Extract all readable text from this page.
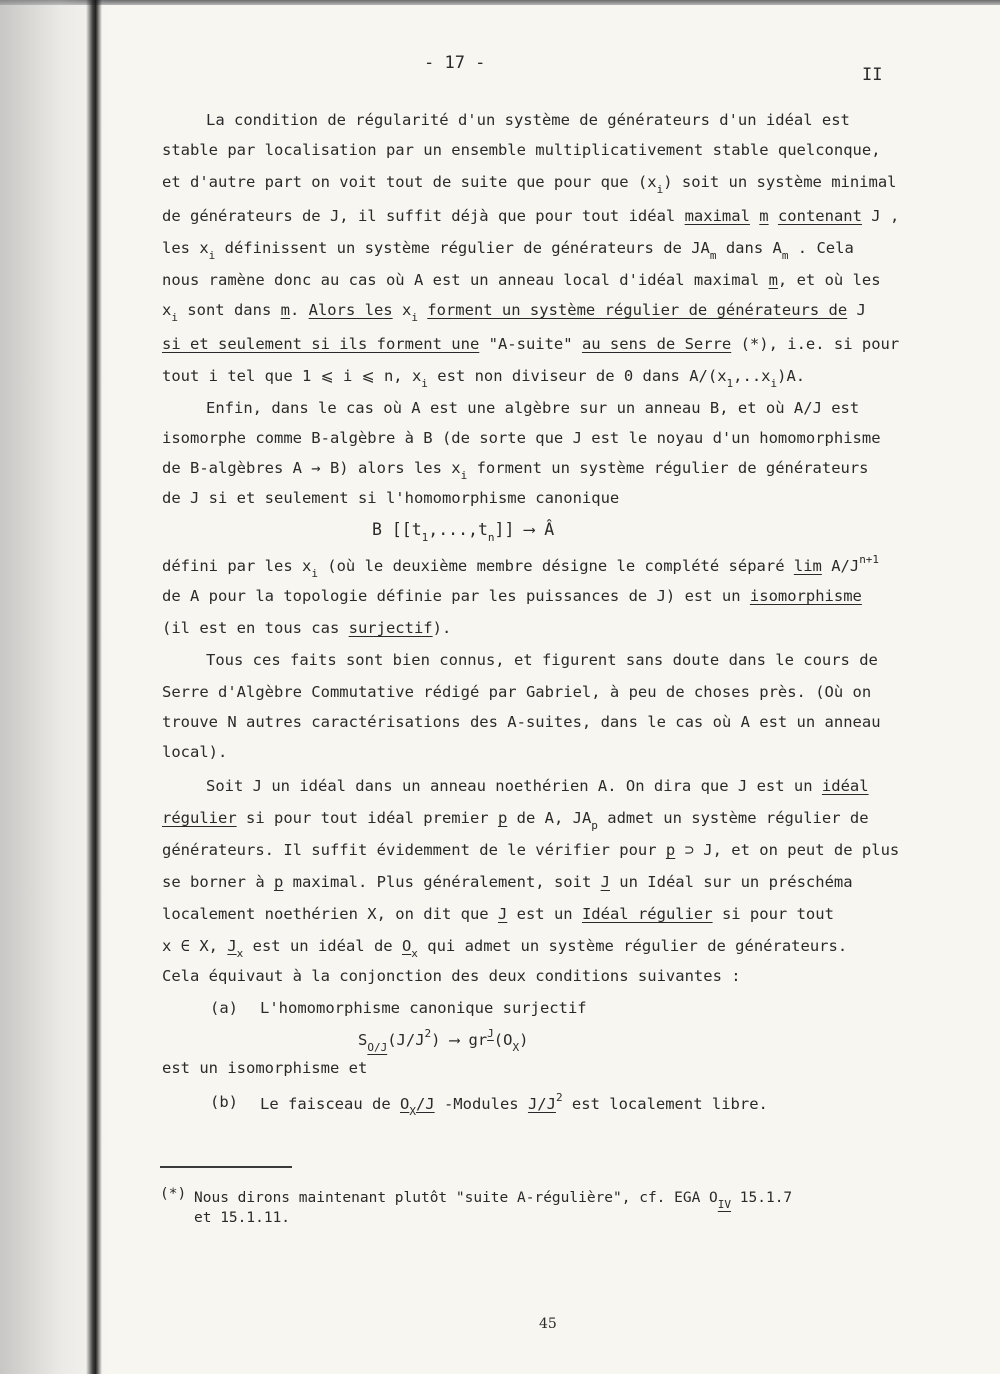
- 17 -
II
La condition de régularité d'un système de générateurs d'un idéal est
stable par localisation par un ensemble multiplicativement stable quelconque,
et d'autre part on voit tout de suite que pour que $(x_i)$ soit un système minimal
de générateurs de J, il suffit déjà que pour tout idéal maximal m contenant J ,
les $x_i$ définissent un système régulier de générateurs de $JA_m$ dans $A_m$ . Cela
nous ramène donc au cas où A est un anneau local d'idéal maximal m, et où les
$x_i$ sont dans m. Alors les $x_i$ forment un système régulier de générateurs de J
si et seulement si ils forment une "A-suite" au sens de Serre (*), i.e. si pour
tout i tel que 1 ⩽ i ⩽ n, $x_i$ est non diviseur de 0 dans $A/(x_1,..x_i)A$.
Enfin, dans le cas où A est une algèbre sur un anneau B, et où A/J est
isomorphe comme B-algèbre à B (de sorte que J est le noyau d'un homomorphisme
de B-algèbres A → B) alors les $x_i$ forment un système régulier de générateurs
de J si et seulement si l'homomorphisme canonique
B $[[t_1,...,t_n]]$ ⟶ Â
défini par les $x_i$ (où le deuxième membre désigne le complété séparé $\lim A/J^{n+1}$
de A pour la topologie définie par les puissances de J) est un isomorphisme
(il est en tous cas surjectif).
Tous ces faits sont bien connus, et figurent sans doute dans le cours de
Serre d'Algèbre Commutative rédigé par Gabriel, à peu de choses près. (Où on
trouve N autres caractérisations des A-suites, dans le cas où A est un anneau
local).
Soit J un idéal dans un anneau noethérien A. On dira que J est un idéal
régulier si pour tout idéal premier p de A, $JA_p$ admet un système régulier de
générateurs. Il suffit évidemment de le vérifier pour p ⊃ J, et on peut de plus
se borner à p maximal. Plus généralement, soit J un Idéal sur un préschéma
localement noethérien X, on dit que J est un Idéal régulier si pour tout
x ∈ X, $J_x$ est un idéal de $O_x$ qui admet un système régulier de générateurs.
Cela équivaut à la conjonction des deux conditions suivantes :
(a) L'homomorphisme canonique surjectif
$S_{O/J}(J/J^2)$ ⟶ $gr^J(O_X)$
est un isomorphisme et
(b) Le faisceau de $O_X/J$ -Modules $J/J^2$ est localement libre.
(*) Nous dirons maintenant plutôt "suite A-régulière", cf. EGA $O_{IV}$ 15.1.7
et 15.1.11.
45
